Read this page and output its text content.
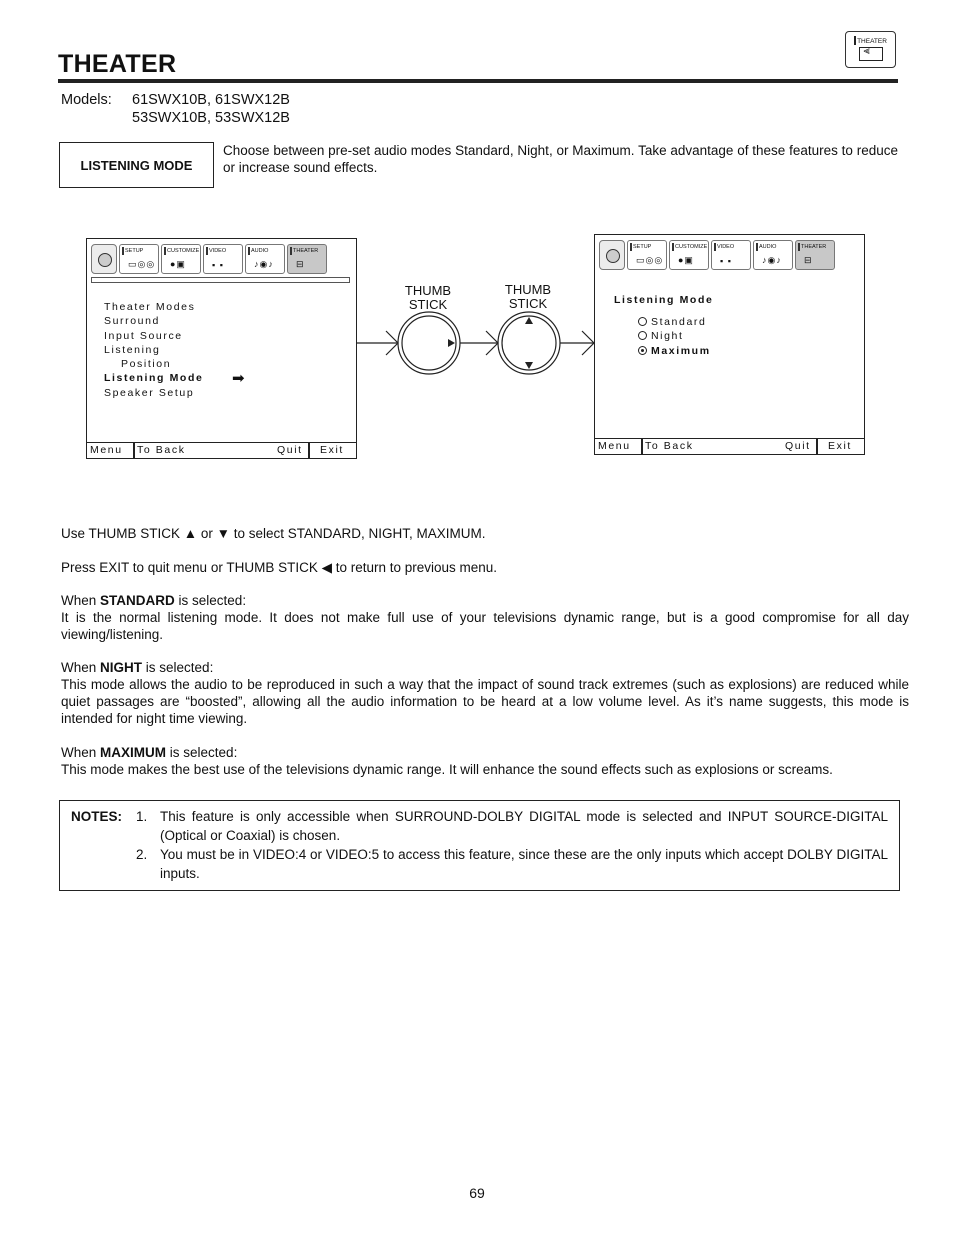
THEATER
THEATER
⫷
Models: 61SWX10B, 61SWX12B
53SWX10B, 53SWX12B
LISTENING MODE
Choose between pre-set audio modes Standard, Night, or Maximum. Take advantage of these features to reduce or increase sound effects.
SETUP
▭◎◎
CUSTOMIZE
●▣
VIDEO
▪ ▪
AUDIO
♪◉♪
THEATER
⊟
Theater Modes
Surround
Input Source
Listening
Position
Listening Mode
Speaker Setup
➡
Menu To Back	Quit Exit
THUMB
STICK
THUMB
STICK
SETUP
▭◎◎
CUSTOMIZE
●▣
VIDEO
▪ ▪
AUDIO
♪◉♪
THEATER
⊟
Listening Mode
Standard
Night
Maximum
Menu To Back	Quit Exit
Use THUMB STICK ▲ or ▼ to select STANDARD, NIGHT, MAXIMUM.
Press EXIT to quit menu or THUMB STICK ◀ to return to previous menu.
When STANDARD is selected:
It is the normal listening mode. It does not make full use of your televisions dynamic range, but is a good compromise for all day viewing/listening.
When NIGHT is selected:
This mode allows the audio to be reproduced in such a way that the impact of sound track extremes (such as explosions) are reduced while quiet passages are “boosted”, allowing all the audio information to be heard at a low volume level. As it’s name suggests, this mode is intended for night time viewing.
When MAXIMUM is selected:
This mode makes the best use of the televisions dynamic range. It will enhance the sound effects such as explosions or screams.
NOTES: 1. This feature is only accessible when SURROUND-DOLBY DIGITAL mode is selected and INPUT SOURCE-DIGITAL (Optical or Coaxial) is chosen.
2. You must be in VIDEO:4 or VIDEO:5 to access this feature, since these are the only inputs which accept DOLBY DIGITAL inputs.
69
